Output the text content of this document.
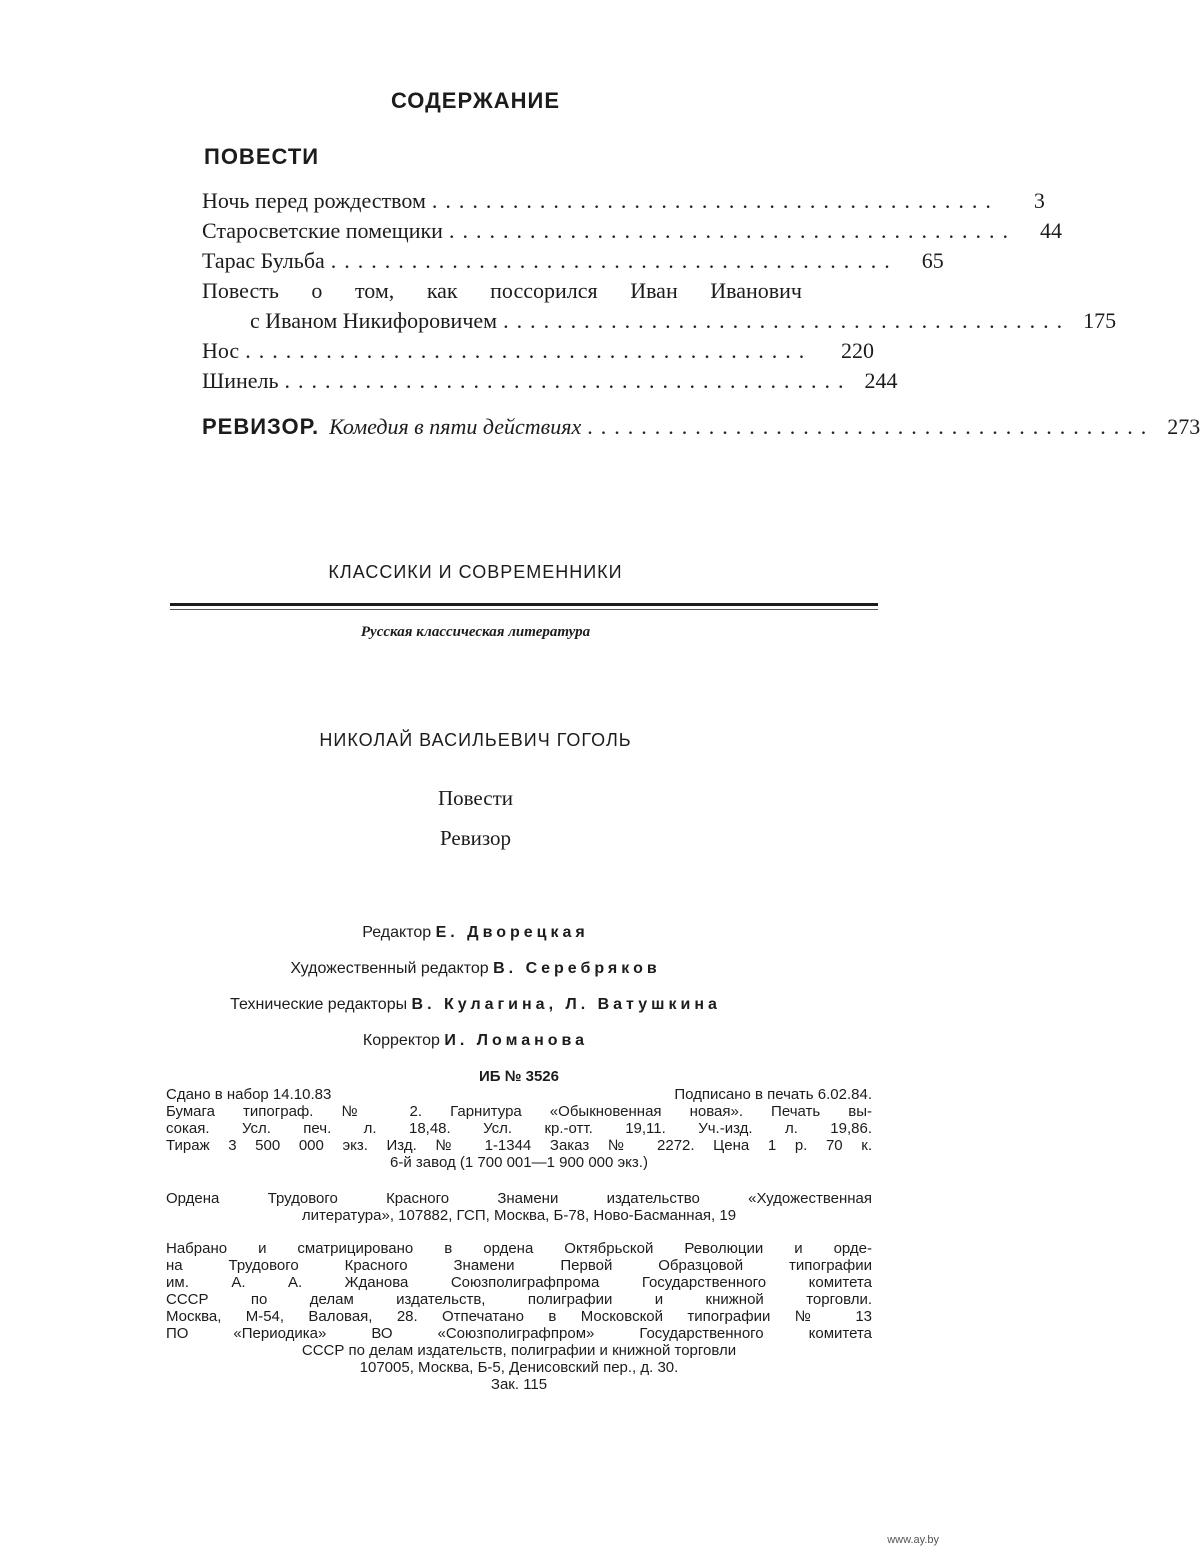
СОДЕРЖАНИЕ
ПОВЕСТИ
Ночь перед рождеством ..........................................	3
Старосветские помещики ..........................................	44
Тарас Бульба ..........................................	65
Повесть о том, как поссорился Иван Иванович
с Иваном Никифоровичем .......................................... 175
Нос ..........................................	220
Шинель .......................................... 244
РЕВИЗОР. Комедия в пяти действиях .......................................... 273

КЛАССИКИ И СОВРЕМЕННИКИ

Русская классическая литература

НИКОЛАЙ ВАСИЛЬЕВИЧ ГОГОЛЬ

Повести

Ревизор

Редактор Е. Дворецкая

Художественный редактор В. Серебряков

Технические редакторы В. Кулагина, Л. Ватушкина

Корректор И. Ломанова

ИБ № 3526
Сдано в набор 14.10.83	Подписано в печать 6.02.84.
Бумага типограф. № 2. Гарнитура «Обыкновенная новая». Печать вы-
сокая. Усл. печ. л. 18,48. Усл. кр.-отт. 19,11. Уч.-изд. л. 19,86.
Тираж 3 500 000 экз. Изд. № 1-1344 Заказ № 2272. Цена 1 р. 70 к.
6-й завод (1 700 001—1 900 000 экз.)
Ордена Трудового Красного Знамени издательство «Художественная
литература», 107882, ГСП, Москва, Б-78, Ново-Басманная, 19
Набрано и сматрицировано в ордена Октябрьской Революции и орде-
на Трудового Красного Знамени Первой Образцовой типографии
им. А. А. Жданова Союзполиграфпрома Государственного комитета
СССР по делам издательств, полиграфии и книжной торговли.
Москва, М-54, Валовая, 28. Отпечатано в Московской типографии № 13
ПО «Периодика» ВО «Союзполиграфпром» Государственного комитета
СССР по делам издательств, полиграфии и книжной торговли
107005, Москва, Б-5, Денисовский пер., д. 30.
Зак. 115
www.ay.by
